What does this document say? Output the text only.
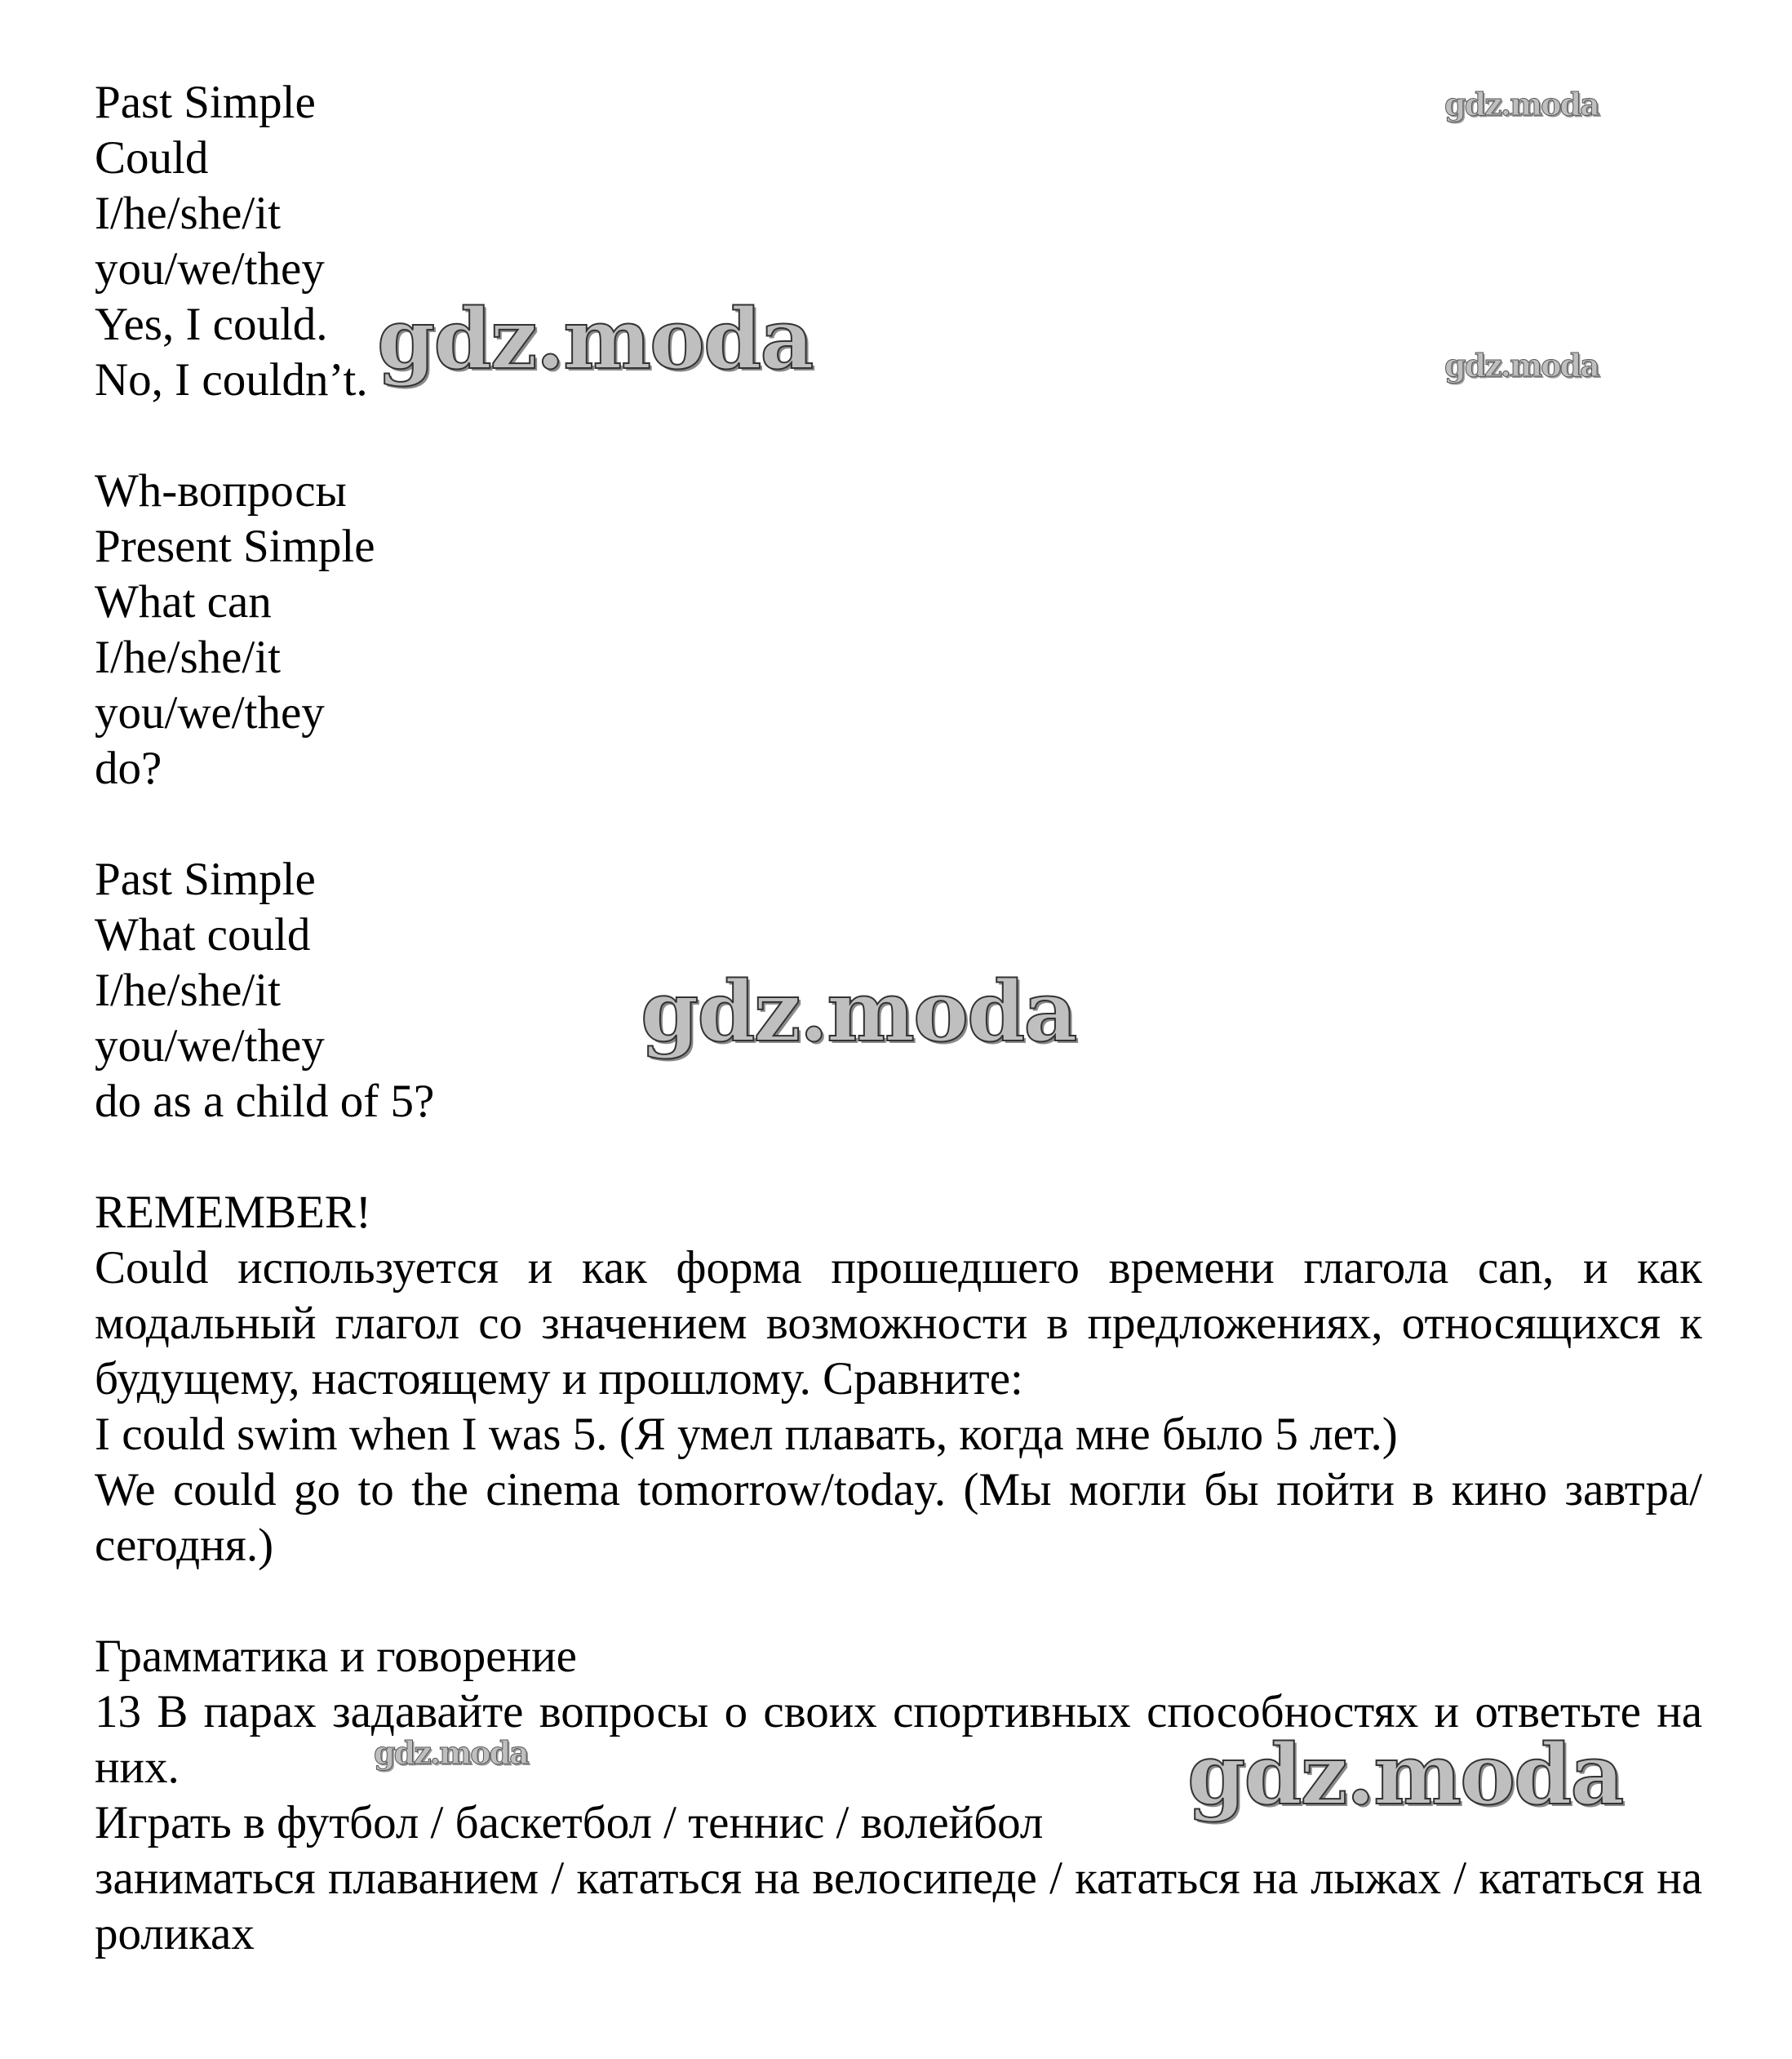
Past Simple
Could
I/he/she/it
you/we/they
Yes, I could.
No, I couldn’t.
Wh-вопросы
Present Simple
What can
I/he/she/it
you/we/they
do?
Past Simple
What could
I/he/she/it
you/we/they
do as a child of 5?
REMEMBER!
Could используется и как форма прошедшего времени глагола can, и как модальный глагол со значением возможности в предложениях, относящихся к будущему, настоящему и прошлому. Сравните:
I could swim when I was 5. (Я умел плавать, когда мне было 5 лет.)
We could go to the cinema tomorrow/today. (Мы могли бы пойти в кино завтра/сегодня.)
Грамматика и говорение
13 В парах задавайте вопросы о своих спортивных способностях и ответьте на них.
Играть в футбол / баскетбол / теннис / волейбол
заниматься плаванием / кататься на велосипеде / кататься на лыжах / кататься на роликах
gdz.moda
gdz.moda	gdz.moda
gdz.moda
gdz.moda	gdz.moda
